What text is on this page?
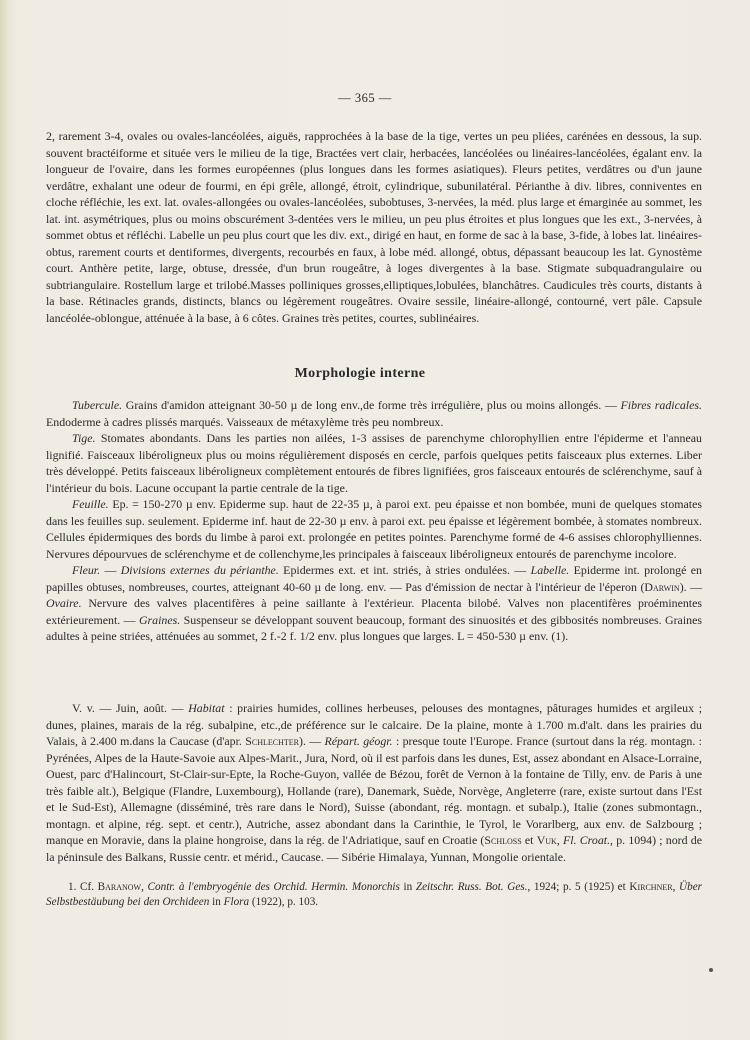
— 365 —

2, rarement 3-4, ovales ou ovales-lancéolées, aiguës, rapprochées à la base de la tige, vertes un peu pliées, carénées en dessous, la sup. souvent bractéiforme et située vers le milieu de la tige, Bractées vert clair, herbacées, lancéolées ou linéaires-lancéolées, égalant env. la longueur de l'ovaire, dans les formes européennes (plus longues dans les formes asiatiques). Fleurs petites, verdâtres ou d'un jaune verdâtre, exhalant une odeur de fourmi, en épi grêle, allongé, étroit, cylindrique, subunilatéral. Périanthe à div. libres, conniventes en cloche réfléchie, les ext. lat. ovales-allongées ou ovales-lancéolées, subobtuses, 3-nervées, la méd. plus large et émarginée au sommet, les lat. int. asymétriques, plus ou moins obscurément 3-dentées vers le milieu, un peu plus étroites et plus longues que les ext., 3-nervées, à sommet obtus et réfléchi. Labelle un peu plus court que les div. ext., dirigé en haut, en forme de sac à la base, 3-fide, à lobes lat. linéaires-obtus, rarement courts et dentiformes, divergents, recourbés en faux, à lobe méd. allongé, obtus, dépassant beaucoup les lat. Gynostème court. Anthère petite, large, obtuse, dressée, d'un brun rougeâtre, à loges divergentes à la base. Stigmate subquadrangulaire ou subtriangulaire. Rostellum large et trilobé.Masses polliniques grosses,elliptiques,lobulées, blanchâtres. Caudicules très courts, distants à la base. Rétinacles grands, distincts, blancs ou légèrement rougeâtres. Ovaire sessile, linéaire-allongé, contourné, vert pâle. Capsule lancéolée-oblongue, atténuée à la base, à 6 côtes. Graines très petites, courtes, sublinéaires.

Morphologie interne

Tubercule. Grains d'amidon atteignant 30-50 µ de long env.,de forme très irrégulière, plus ou moins allongés. — Fibres radicales. Endoderme à cadres plissés marqués. Vaisseaux de métaxylème très peu nombreux.

Tige. Stomates abondants. Dans les parties non ailées, 1-3 assises de parenchyme chlorophyllien entre l'épiderme et l'anneau lignifié. Faisceaux libéroligneux plus ou moins régulièrement disposés en cercle, parfois quelques petits faisceaux plus externes. Liber très développé. Petits faisceaux libéroligneux complètement entourés de fibres lignifiées, gros faisceaux entourés de sclérenchyme, sauf à l'intérieur du bois. Lacune occupant la partie centrale de la tige.

Feuille. Ep. = 150-270 µ env. Epiderme sup. haut de 22-35 µ, à paroi ext. peu épaisse et non bombée, muni de quelques stomates dans les feuilles sup. seulement. Epiderme inf. haut de 22-30 µ env. à paroi ext. peu épaisse et légèrement bombée, à stomates nombreux. Cellules épidermiques des bords du limbe à paroi ext. prolongée en petites pointes. Parenchyme formé de 4-6 assises chlorophylliennes. Nervures dépourvues de sclérenchyme et de collenchyme,les principales à faisceaux libéroligneux entourés de parenchyme incolore.

Fleur. — Divisions externes du périanthe. Epidermes ext. et int. striés, à stries ondulées. — Labelle. Epiderme int. prolongé en papilles obtuses, nombreuses, courtes, atteignant 40-60 µ de long. env. — Pas d'émission de nectar à l'intérieur de l'éperon (Darwin). — Ovaire. Nervure des valves placentifères à peine saillante à l'extérieur. Placenta bilobé. Valves non placentifères proéminentes extérieurement. — Graines. Suspenseur se développant souvent beaucoup, formant des sinuosités et des gibbosités nombreuses. Graines adultes à peine striées, atténuées au sommet, 2 f.-2 f. 1/2 env. plus longues que larges. L = 450-530 µ env. (1).

V. v. — Juin, août. — Habitat : prairies humides, collines herbeuses, pelouses des montagnes, pâturages humides et argileux ; dunes, plaines, marais de la rég. subalpine, etc.,de préférence sur le calcaire. De la plaine, monte à 1.700 m.d'alt. dans les prairies du Valais, à 2.400 m.dans la Caucase (d'apr. Schlechter). — Répart. géogr. : presque toute l'Europe. France (surtout dans la rég. montagn. : Pyrénées, Alpes de la Haute-Savoie aux Alpes-Marit., Jura, Nord, où il est parfois dans les dunes, Est, assez abondant en Alsace-Lorraine, Ouest, parc d'Halincourt, St-Clair-sur-Epte, la Roche-Guyon, vallée de Bézou, forêt de Vernon à la fontaine de Tilly, env. de Paris à une très faible alt.), Belgique (Flandre, Luxembourg), Hollande (rare), Danemark, Suède, Norvège, Angleterre (rare, existe surtout dans l'Est et le Sud-Est), Allemagne (disséminé, très rare dans le Nord), Suisse (abondant, rég. montagn. et subalp.), Italie (zones submontagn., montagn. et alpine, rég. sept. et centr.), Autriche, assez abondant dans la Carinthie, le Tyrol, le Vorarlberg, aux env. de Salzbourg ; manque en Moravie, dans la plaine hongroise, dans la rég. de l'Adriatique, sauf en Croatie (Schloss et Vuk, Fl. Croat., p. 1094) ; nord de la péninsule des Balkans, Russie centr. et mérid., Caucase. — Sibérie Himalaya, Yunnan, Mongolie orientale.

1. Cf. Baranow, Contr. à l'embryogénie des Orchid. Hermin. Monorchis in Zeitschr. Russ. Bot. Ges., 1924; p. 5 (1925) et Kirchner, Über Selbstbestäubung bei den Orchideen in Flora (1922), p. 103.
